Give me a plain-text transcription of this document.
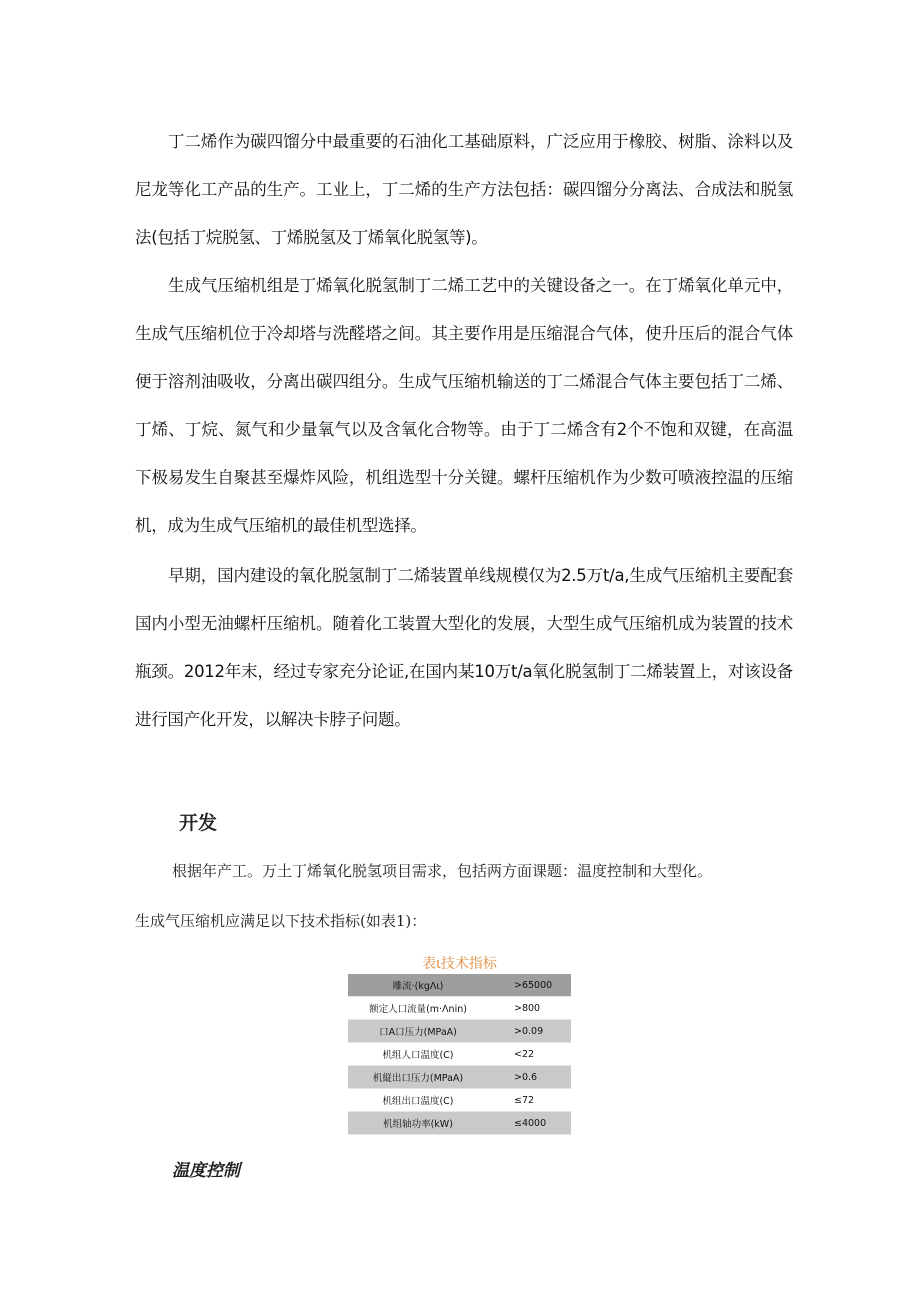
丁二烯作为碳四馏分中最重要的石油化工基础原料，广泛应用于橡胶、树脂、涂料以及尼龙等化工产品的生产。工业上，丁二烯的生产方法包括：碳四馏分分离法、合成法和脱氢法(包括丁烷脱氢、丁烯脱氢及丁烯氧化脱氢等)。

生成气压缩机组是丁烯氧化脱氢制丁二烯工艺中的关键设备之一。在丁烯氧化单元中，生成气压缩机位于冷却塔与洗醛塔之间。其主要作用是压缩混合气体，使升压后的混合气体便于溶剂油吸收，分离出碳四组分。生成气压缩机输送的丁二烯混合气体主要包括丁二烯、丁烯、丁烷、氮气和少量氧气以及含氧化合物等。由于丁二烯含有2个不饱和双键，在高温下极易发生自聚甚至爆炸风险，机组选型十分关键。螺杆压缩机作为少数可喷液控温的压缩机，成为生成气压缩机的最佳机型选择。

早期，国内建设的氧化脱氢制丁二烯装置单线规模仅为2.5万t/a,生成气压缩机主要配套国内小型无油螺杆压缩机。随着化工装置大型化的发展，大型生成气压缩机成为装置的技术瓶颈。2012年末，经过专家充分论证,在国内某10万t/a氧化脱氢制丁二烯装置上，对该设备进行国产化开发，以解决卡脖子问题。

开发

根据年产工。万土丁烯氧化脱氢项目需求，包括两方面课题：温度控制和大型化。

生成气压缩机应满足以下技术指标(如表1)：

表ι技术指标

雕流·(kgΛι)	>65000
额定人口流量(m·Λnin)	>800
口A口压力(MPaA)	>0.09
机组人口温度(C)	<22
机縦出口压力(MPaA)	>0.6
机组出口温度(C)	≤72
机组轴功率(kW)	≤4000
温度控制
